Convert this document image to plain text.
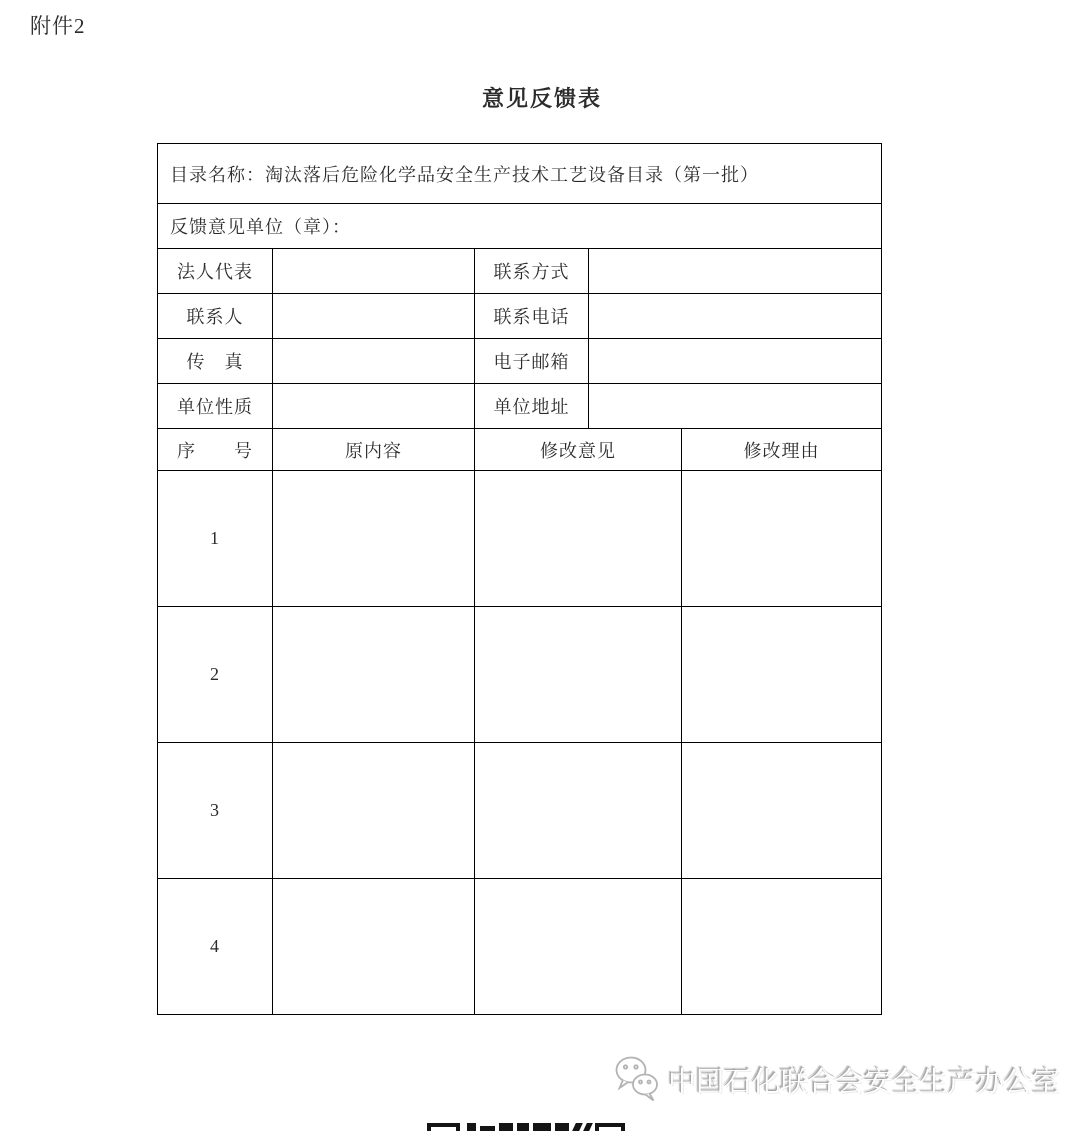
附件2
意见反馈表
目录名称：淘汰落后危险化学品安全生产技术工艺设备目录（第一批）				
反馈意见单位（章）：				
法人代表		联系方式		
联系人		联系电话		
传　真		电子邮箱		
单位性质		单位地址		
序　　号	原内容	修改意见		修改理由
1				
2				
3				
4				
中国石化联合会安全生产办公室
